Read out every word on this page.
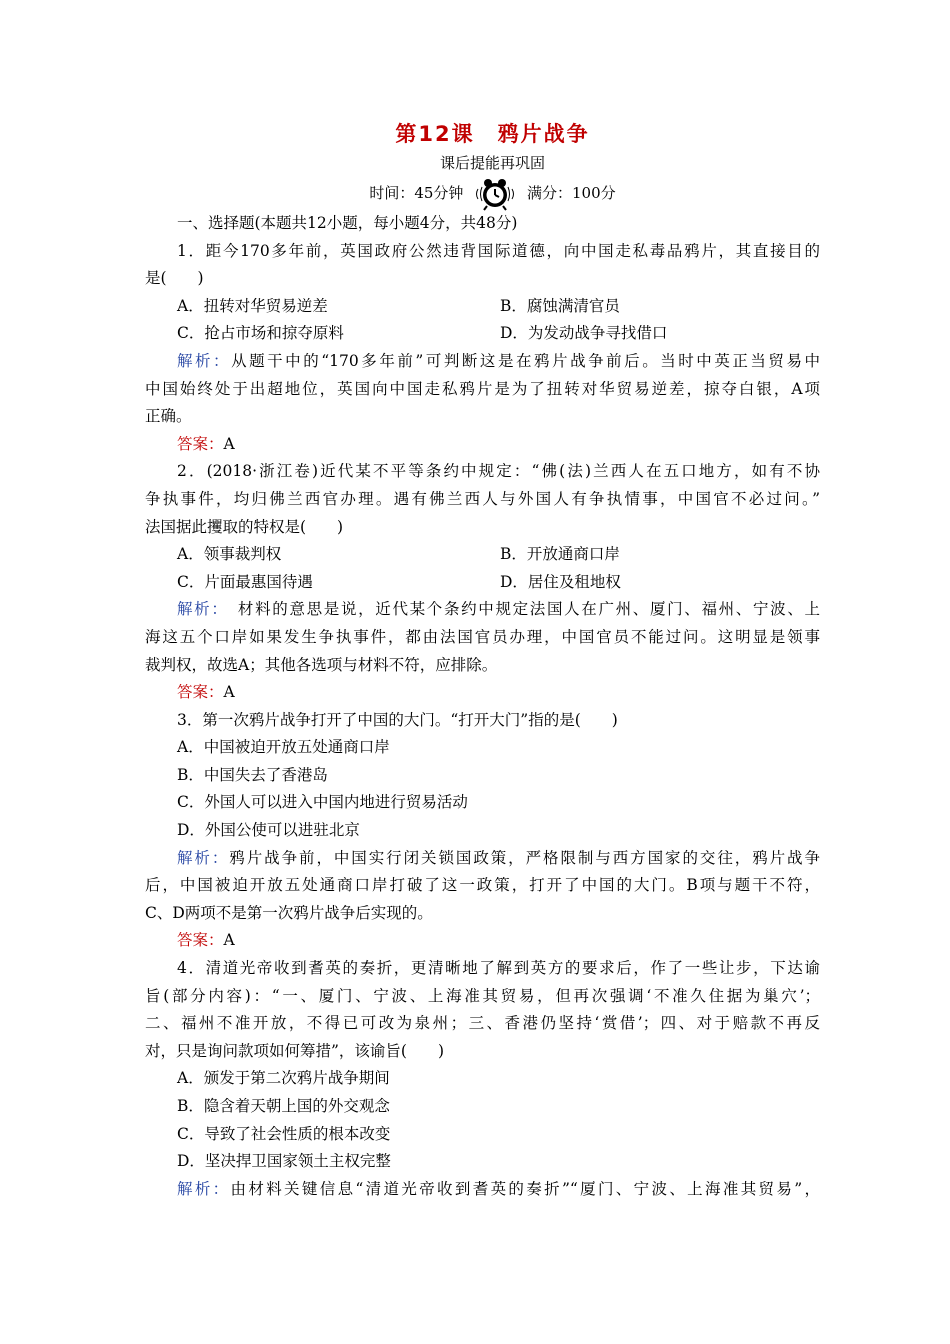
第12课　鸦片战争
课后提能再巩固
时间：45分钟	满分：100分
一、选择题(本题共12小题，每小题4分，共48分)
1．距今170多年前，英国政府公然违背国际道德，向中国走私毒品鸦片，其直接目的
是(　　)
A．扭转对华贸易逆差	B．腐蚀满清官员
C．抢占市场和掠夺原料	D．为发动战争寻找借口
解析：从题干中的“170多年前”可判断这是在鸦片战争前后。当时中英正当贸易中
中国始终处于出超地位，英国向中国走私鸦片是为了扭转对华贸易逆差，掠夺白银，A项
正确。
答案：A
2．(2018·浙江卷)近代某不平等条约中规定：“佛(法)兰西人在五口地方，如有不协
争执事件，均归佛兰西官办理。遇有佛兰西人与外国人有争执情事，中国官不必过问。”
法国据此攫取的特权是(　　)
A．领事裁判权	B．开放通商口岸
C．片面最惠国待遇	D．居住及租地权
解析：　材料的意思是说，近代某个条约中规定法国人在广州、厦门、福州、宁波、上
海这五个口岸如果发生争执事件，都由法国官员办理，中国官员不能过问。这明显是领事
裁判权，故选A；其他各选项与材料不符，应排除。
答案：A
3．第一次鸦片战争打开了中国的大门。“打开大门”指的是(　　)
A．中国被迫开放五处通商口岸
B．中国失去了香港岛
C．外国人可以进入中国内地进行贸易活动
D．外国公使可以进驻北京
解析：鸦片战争前，中国实行闭关锁国政策，严格限制与西方国家的交往，鸦片战争
后，中国被迫开放五处通商口岸打破了这一政策，打开了中国的大门。B项与题干不符，
C、D两项不是第一次鸦片战争后实现的。
答案：A
4．清道光帝收到耆英的奏折，更清晰地了解到英方的要求后，作了一些让步，下达谕
旨(部分内容)：“一、厦门、宁波、上海准其贸易，但再次强调‘不准久住据为巢穴’；
二、福州不准开放，不得已可改为泉州；三、香港仍坚持‘赏借’；四、对于赔款不再反
对，只是询问款项如何筹措”，该谕旨(　　)
A．颁发于第二次鸦片战争期间
B．隐含着天朝上国的外交观念
C．导致了社会性质的根本改变
D．坚决捍卫国家领土主权完整
解析：由材料关键信息“清道光帝收到耆英的奏折”“厦门、宁波、上海准其贸易”，
